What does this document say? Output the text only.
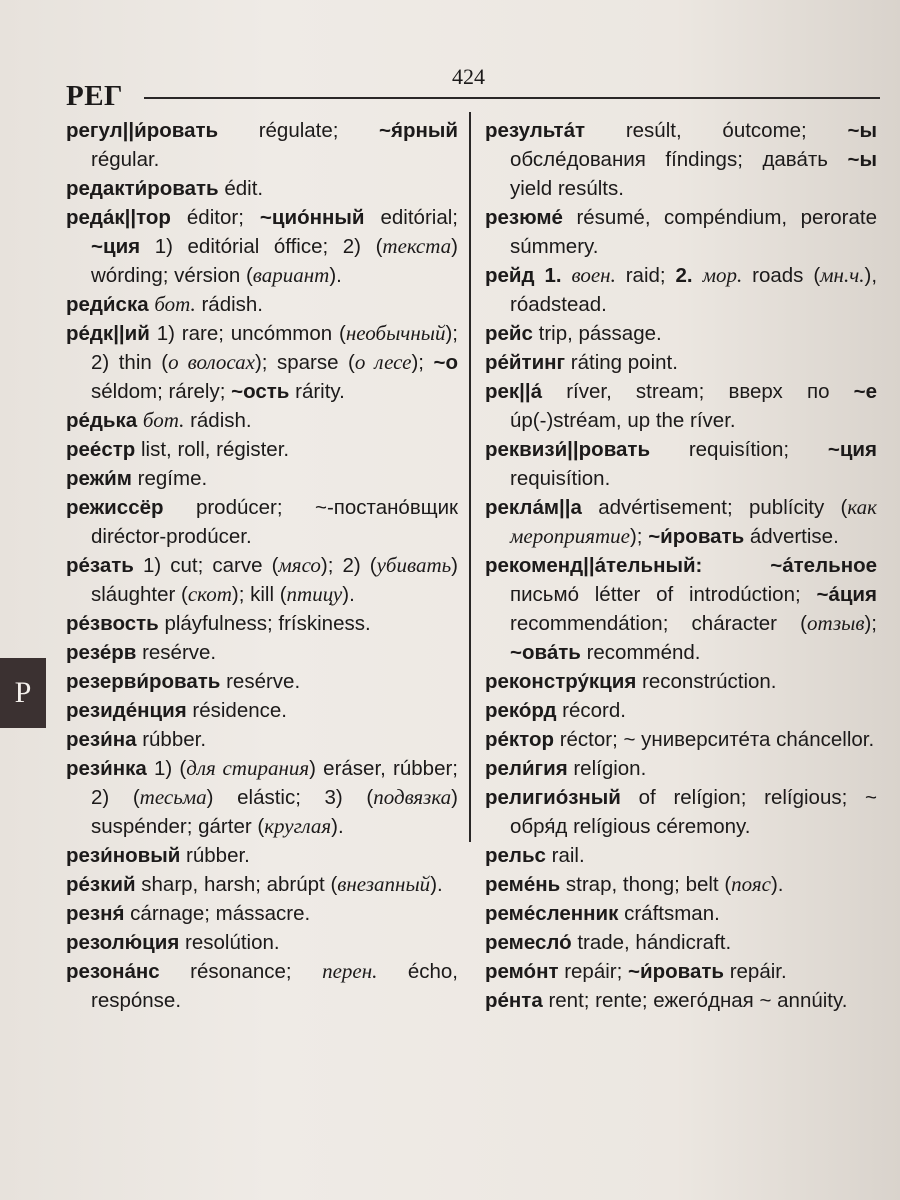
РЕГ
424

регул||и́ровать régulate; ~я́рный régular.

редакти́ровать édit.

реда́к||тор éditor; ~цио́нный editórial; ~ция 1) editórial óffice; 2) (текста) wórding; vérsion (вариант).

реди́ска бот. rádish.

ре́дк||ий 1) rare; uncómmon (необычный); 2) thin (о волосах); sparse (о лесе); ~о séldom; rárely; ~ость rárity.

ре́дька бот. rádish.

рее́стр list, roll, régister.

режи́м regíme.

режиссёр prodúcer; ~-постано́вщик diréctor-prodúcer.

ре́зать 1) cut; carve (мясо); 2) (убивать) sláughter (скот); kill (птицу).

ре́звость pláyfulness; frískiness.

резе́рв resérve.

резерви́ровать resérve.

резиде́нция résidence.

рези́на rúbber.

рези́нка 1) (для стирания) eráser, rúbber; 2) (тесьма) elástic; 3) (подвязка) suspénder; gárter (круглая).

рези́новый rúbber.

ре́зкий sharp, harsh; abrúpt (внезапный).

резня́ cárnage; mássacre.

резолю́ция resolútion.

резона́нс résonance; перен. écho, respónse.

результа́т resúlt, óutcome; ~ы обсле́дования fíndings; дава́ть ~ы yield resúlts.

резюме́ résumé, compéndium, perorate súmmery.

рейд 1. воен. raid; 2. мор. roads (мн.ч.), róadstead.

рейс trip, pássage.

ре́йтинг ráting point.

рек||а́ ríver, stream; вверх по ~е úp(-)stréam, up the ríver.

реквизи́||ровать requisítion; ~ция requisítion.

рекла́м||а advértisement; publícity (как мероприятие); ~и́ровать ádvertise.

рекоменд||а́тельный:	~а́тельное письмо́ létter of introdúction; ~а́ция recommendátion; cháracter (отзыв); ~ова́ть recomménd.

реконстру́кция reconstrúction.

реко́рд récord.

ре́ктор réctor; ~ университе́та cháncellor.

рели́гия relígion.

религио́зный of relígion; relígious; ~ обря́д relígious céremony.

рельс rail.

реме́нь strap, thong; belt (пояс).

реме́сленник cráftsman.

ремесло́ trade, hándicraft.

ремо́нт repáir; ~и́ровать repáir.

ре́нта rent; rente; ежего́дная ~ annúity.

Р
